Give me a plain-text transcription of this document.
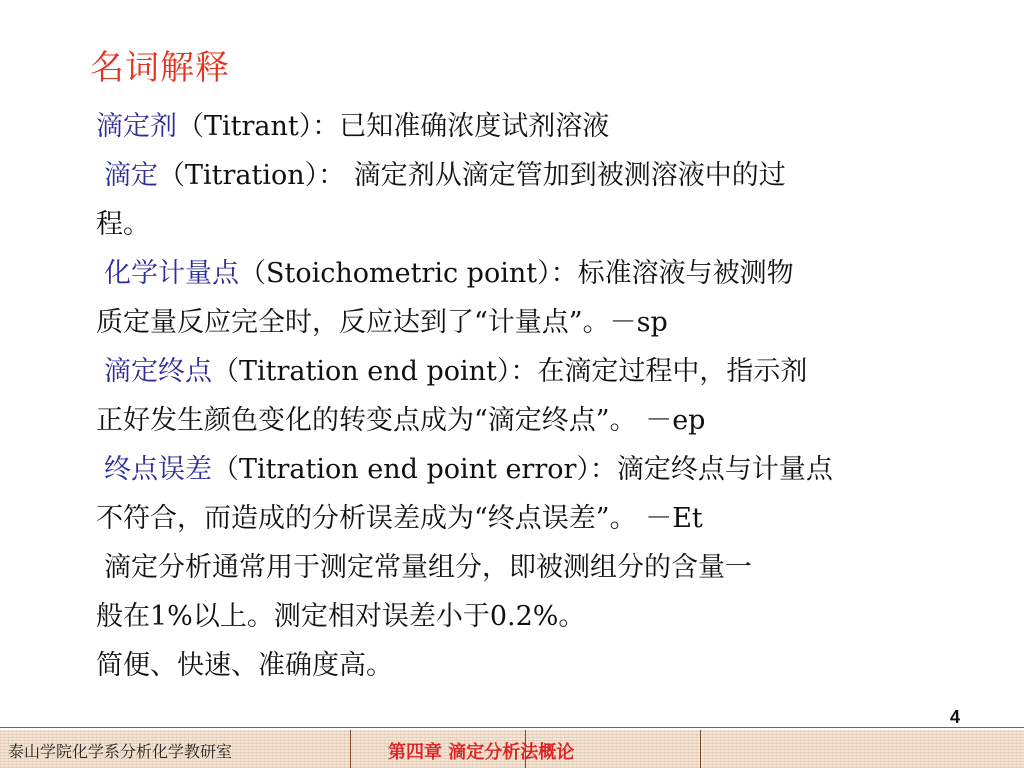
名词解释
滴定剂（Titrant）：已知准确浓度试剂溶液
滴定（Titration）： 滴定剂从滴定管加到被测溶液中的过
程。
化学计量点（Stoichometric point）：标准溶液与被测物
质定量反应完全时，反应达到了“计量点”。－sp
滴定终点（Titration end point）：在滴定过程中，指示剂
正好发生颜色变化的转变点成为“滴定终点”。 －ep
终点误差（Titration end point error）：滴定终点与计量点
不符合，而造成的分析误差成为“终点误差”。 －Et
滴定分析通常用于测定常量组分，即被测组分的含量一
般在1%以上。测定相对误差小于0.2%。
简便、快速、准确度高。
4
泰山学院化学系分析化学教研室	第四章 滴定分析法概论
